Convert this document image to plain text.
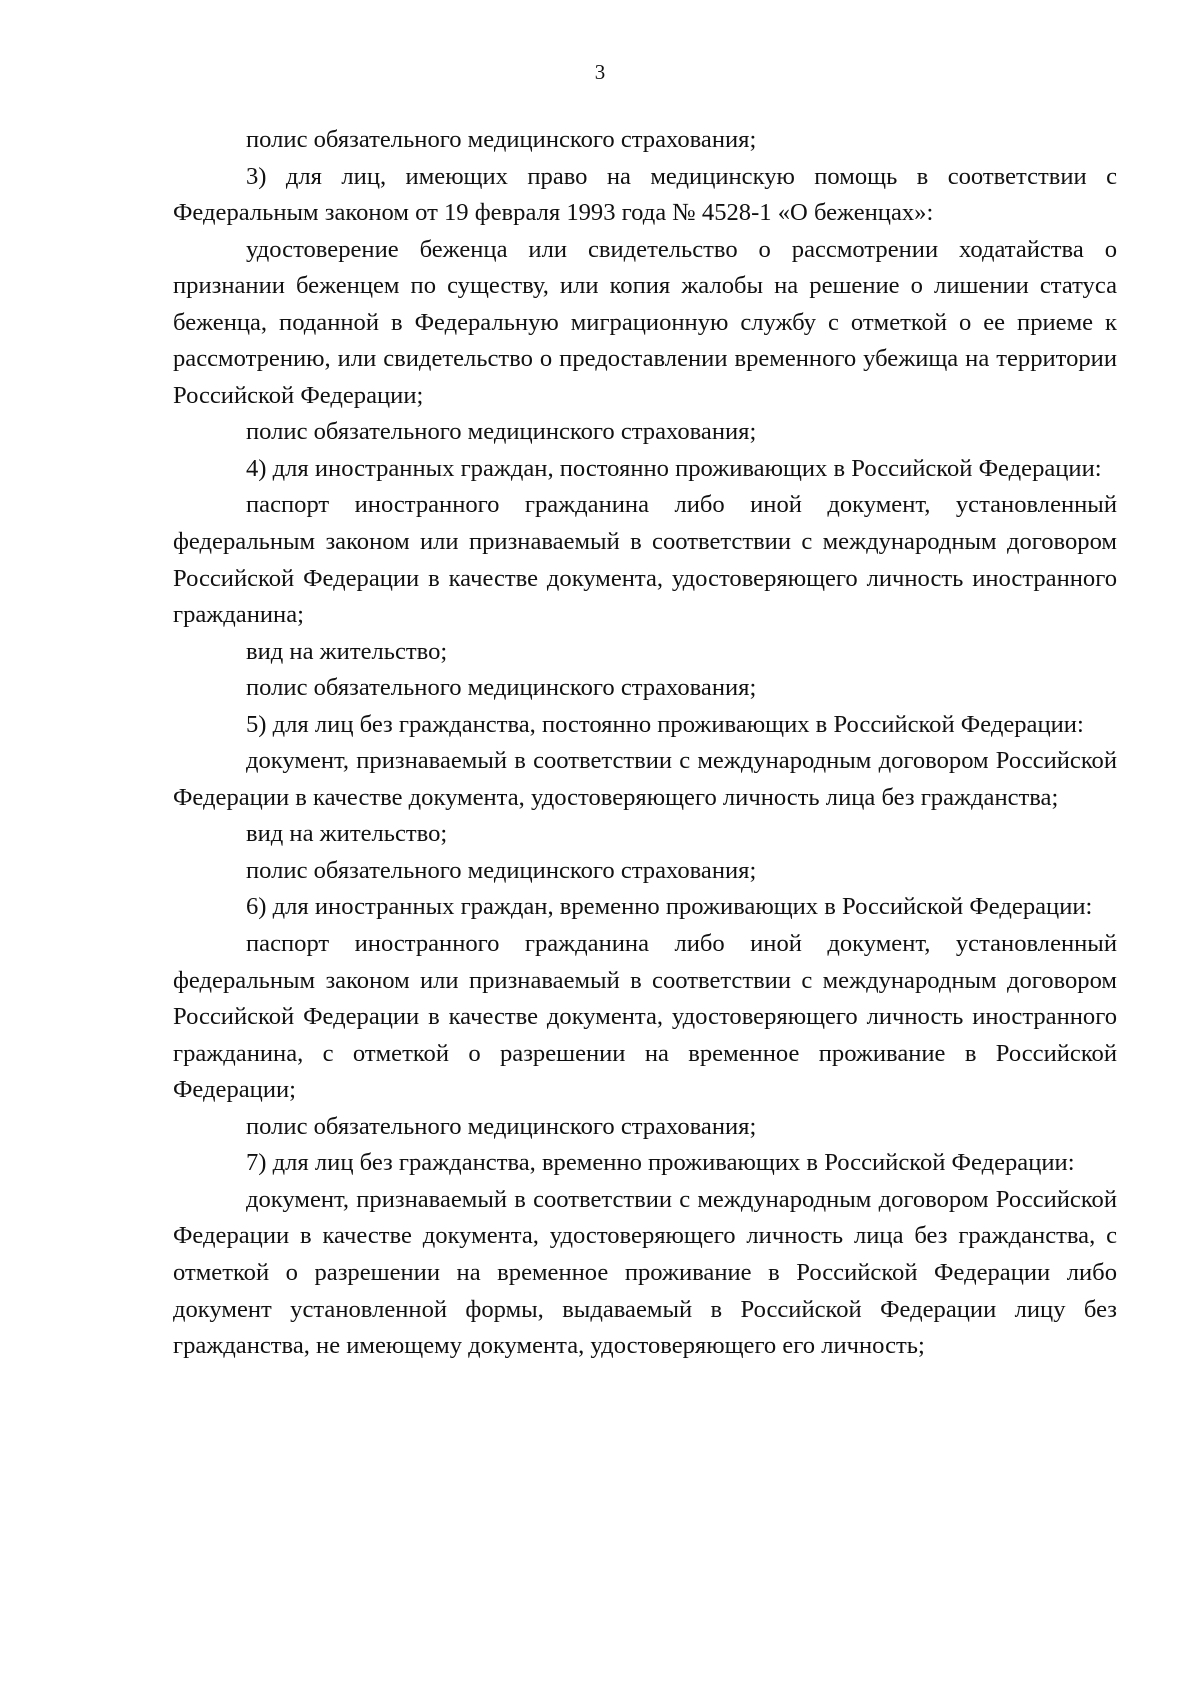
3

полис обязательного медицинского страхования;

3) для лиц, имеющих право на медицинскую помощь в соответствии с Федеральным законом от 19 февраля 1993 года № 4528-1 «О беженцах»:

удостоверение беженца или свидетельство о рассмотрении ходатайства о признании беженцем по существу, или копия жалобы на решение о лишении статуса беженца, поданной в Федеральную миграционную службу с отметкой о ее приеме к рассмотрению, или свидетельство о предоставлении временного убежища на территории Российской Федерации;

полис обязательного медицинского страхования;

4) для иностранных граждан, постоянно проживающих в Российской Федерации:

паспорт иностранного гражданина либо иной документ, установленный федеральным законом или признаваемый в соответствии с международным договором Российской Федерации в качестве документа, удостоверяющего личность иностранного гражданина;

вид на жительство;

полис обязательного медицинского страхования;

5) для лиц без гражданства, постоянно проживающих в Российской Федерации:

документ, признаваемый в соответствии с международным договором Российской Федерации в качестве документа, удостоверяющего личность лица без гражданства;

вид на жительство;

полис обязательного медицинского страхования;

6) для иностранных граждан, временно проживающих в Российской Федерации:

паспорт иностранного гражданина либо иной документ, установленный федеральным законом или признаваемый в соответствии с международным договором Российской Федерации в качестве документа, удостоверяющего личность иностранного гражданина, с отметкой о разрешении на временное проживание в Российской Федерации;

полис обязательного медицинского страхования;

7) для лиц без гражданства, временно проживающих в Российской Федерации:

документ, признаваемый в соответствии с международным договором Российской Федерации в качестве документа, удостоверяющего личность лица без гражданства, с отметкой о разрешении на временное проживание в Российской Федерации либо документ установленной формы, выдаваемый в Российской Федерации лицу без гражданства, не имеющему документа, удостоверяющего его личность;
